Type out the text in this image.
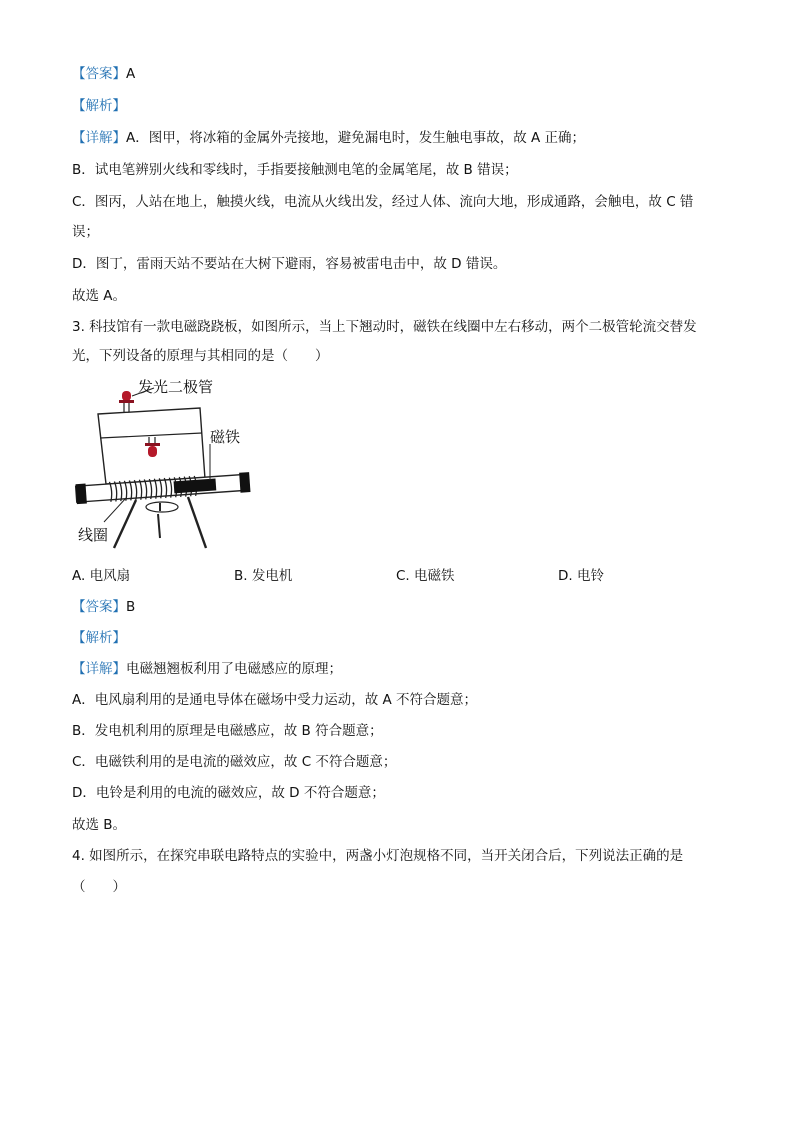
【答案】A
【解析】
【详解】A．图甲，将冰箱的金属外壳接地，避免漏电时，发生触电事故，故 A 正确；
B．试电笔辨别火线和零线时，手指要接触测电笔的金属笔尾，故 B 错误；
C．图丙，人站在地上，触摸火线，电流从火线出发，经过人体、流向大地，形成通路，会触电，故 C 错
误；
D．图丁，雷雨天站不要站在大树下避雨，容易被雷电击中，故 D 错误。
故选 A。
3. 科技馆有一款电磁跷跷板，如图所示，当上下翘动时，磁铁在线圈中左右移动，两个二极管轮流交替发
光，下列设备的原理与其相同的是（　　）
发光二极管
磁铁
线圈
A. 电风扇	B. 发电机	C. 电磁铁	D. 电铃
【答案】B
【解析】
【详解】电磁翘翘板利用了电磁感应的原理；
A．电风扇利用的是通电导体在磁场中受力运动，故 A 不符合题意；
B．发电机利用的原理是电磁感应，故 B 符合题意；
C．电磁铁利用的是电流的磁效应，故 C 不符合题意；
D．电铃是利用的电流的磁效应，故 D 不符合题意；
故选 B。
4. 如图所示，在探究串联电路特点的实验中，两盏小灯泡规格不同，当开关闭合后，下列说法正确的是
（　　）
